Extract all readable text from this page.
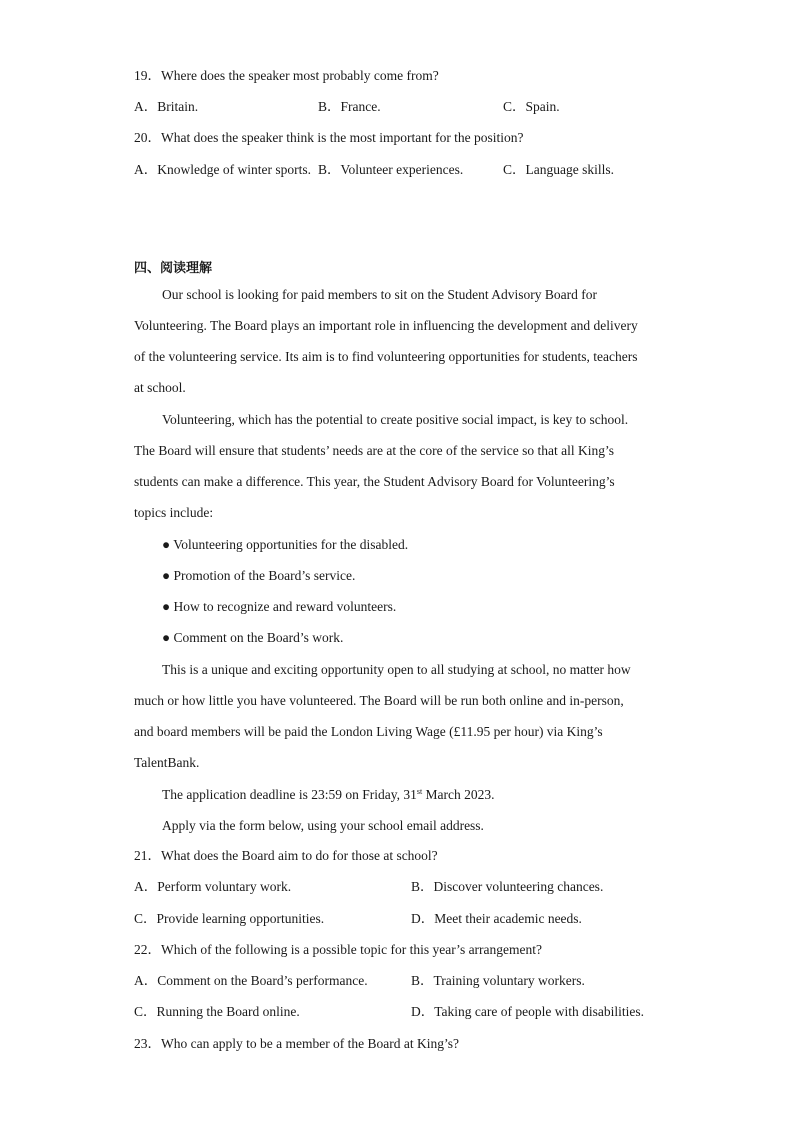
19．Where does the speaker most probably come from?
A．Britain.	B．France.	C．Spain.
20．What does the speaker think is the most important for the position?
A．Knowledge of winter sports. B．Volunteer experiences.	C．Language skills.
四、阅读理解
Our school is looking for paid members to sit on the Student Advisory Board for
Volunteering. The Board plays an important role in influencing the development and delivery
of the volunteering service. Its aim is to find volunteering opportunities for students, teachers
at school.
Volunteering, which has the potential to create positive social impact, is key to school.
The Board will ensure that students’ needs are at the core of the service so that all King’s
students can make a difference. This year, the Student Advisory Board for Volunteering’s
topics include:
● Volunteering opportunities for the disabled.
● Promotion of the Board’s service.
● How to recognize and reward volunteers.
● Comment on the Board’s work.
This is a unique and exciting opportunity open to all studying at school, no matter how
much or how little you have volunteered. The Board will be run both online and in-person,
and board members will be paid the London Living Wage (£11.95 per hour) via King’s
TalentBank.
The application deadline is 23:59 on Friday, 31st March 2023.
Apply via the form below, using your school email address.
21．What does the Board aim to do for those at school?
A．Perform voluntary work.	B．Discover volunteering chances.
C．Provide learning opportunities.	D．Meet their academic needs.
22．Which of the following is a possible topic for this year’s arrangement?
A．Comment on the Board’s performance.	B．Training voluntary workers.
C．Running the Board online.	D．Taking care of people with disabilities.
23．Who can apply to be a member of the Board at King’s?
